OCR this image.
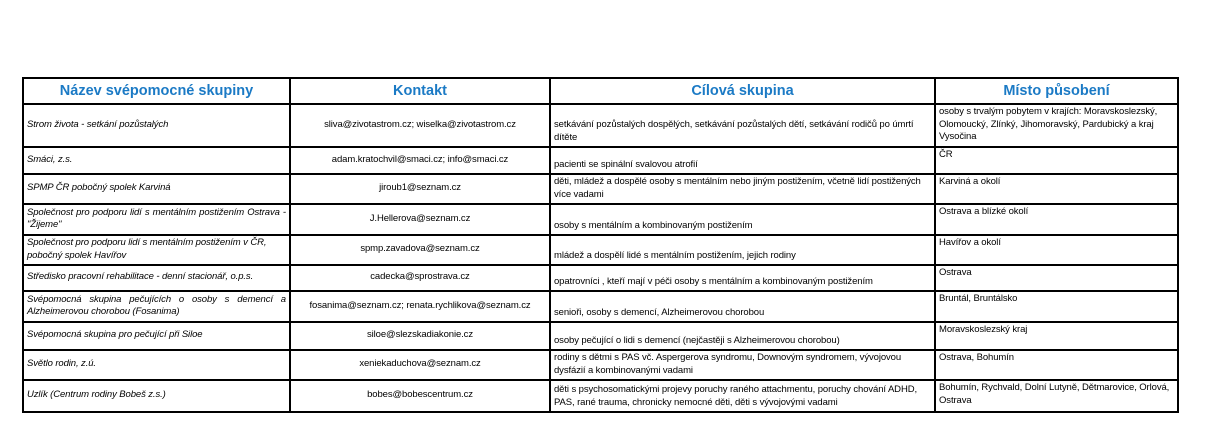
Název svépomocné skupiny	Kontakt	Cílová skupina	Místo působení
Strom života - setkání pozůstalých	sliva@zivotastrom.cz; wiselka@zivotastrom.cz	setkávání pozůstalých dospělých, setkávání pozůstalých dětí, setkávání rodičů po úmrtí dítěte	osoby s trvalým pobytem v krajích: Moravskoslezský, Olomoucký, Zlínký, Jihomoravský, Pardubický a kraj Vysočina
Smáci, z.s.	adam.kratochvil@smaci.cz; info@smaci.cz	pacienti se spinální svalovou atrofií	ČR
SPMP ČR pobočný spolek Karviná	jiroub1@seznam.cz	děti, mládež a dospělé osoby s mentálním nebo jiným postižením, včetně lidí postižených více vadami	Karviná a okolí
Společnost pro podporu lidí s mentálním postižením Ostrava - "Žijeme"	J.Hellerova@seznam.cz	osoby s mentálním a kombinovaným postižením	Ostrava a blízké okolí
Společnost pro podporu lidí s mentálním postižením v ČR, pobočný spolek Havířov	spmp.zavadova@seznam.cz	mládež a dospělí lidé s mentálním postižením, jejich rodiny	Havířov a okolí
Středisko pracovní rehabilitace - denní stacionář, o.p.s.	cadecka@sprostrava.cz	opatrovníci , kteří mají v péči osoby s mentálním a kombinovaným postižením	Ostrava
Svépomocná skupina pečujících o osoby s demencí a Alzheimerovou chorobou (Fosanima)	fosanima@seznam.cz; renata.rychlikova@seznam.cz	senioři, osoby s demencí, Alzheimerovou chorobou	Bruntál, Bruntálsko
Svépomocná skupina pro pečující při Siloe	siloe@slezskadiakonie.cz	osoby pečující o lidi s demencí (nejčastěji s Alzheimerovou chorobou)	Moravskoslezský kraj
Světlo rodin, z.ú.	xeniekaduchova@seznam.cz	rodiny s dětmi s PAS vč. Aspergerova syndromu, Downovým syndromem, vývojovou dysfázií a kombinovanými vadami	Ostrava, Bohumín
Uzlík (Centrum rodiny Bobeš z.s.)	bobes@bobescentrum.cz	děti s psychosomatickými projevy poruchy raného attachmentu, poruchy chování ADHD, PAS, rané trauma, chronicky nemocné děti, děti s vývojovými vadami	Bohumín, Rychvald, Dolní Lutyně, Dětmarovice, Orlová, Ostrava
